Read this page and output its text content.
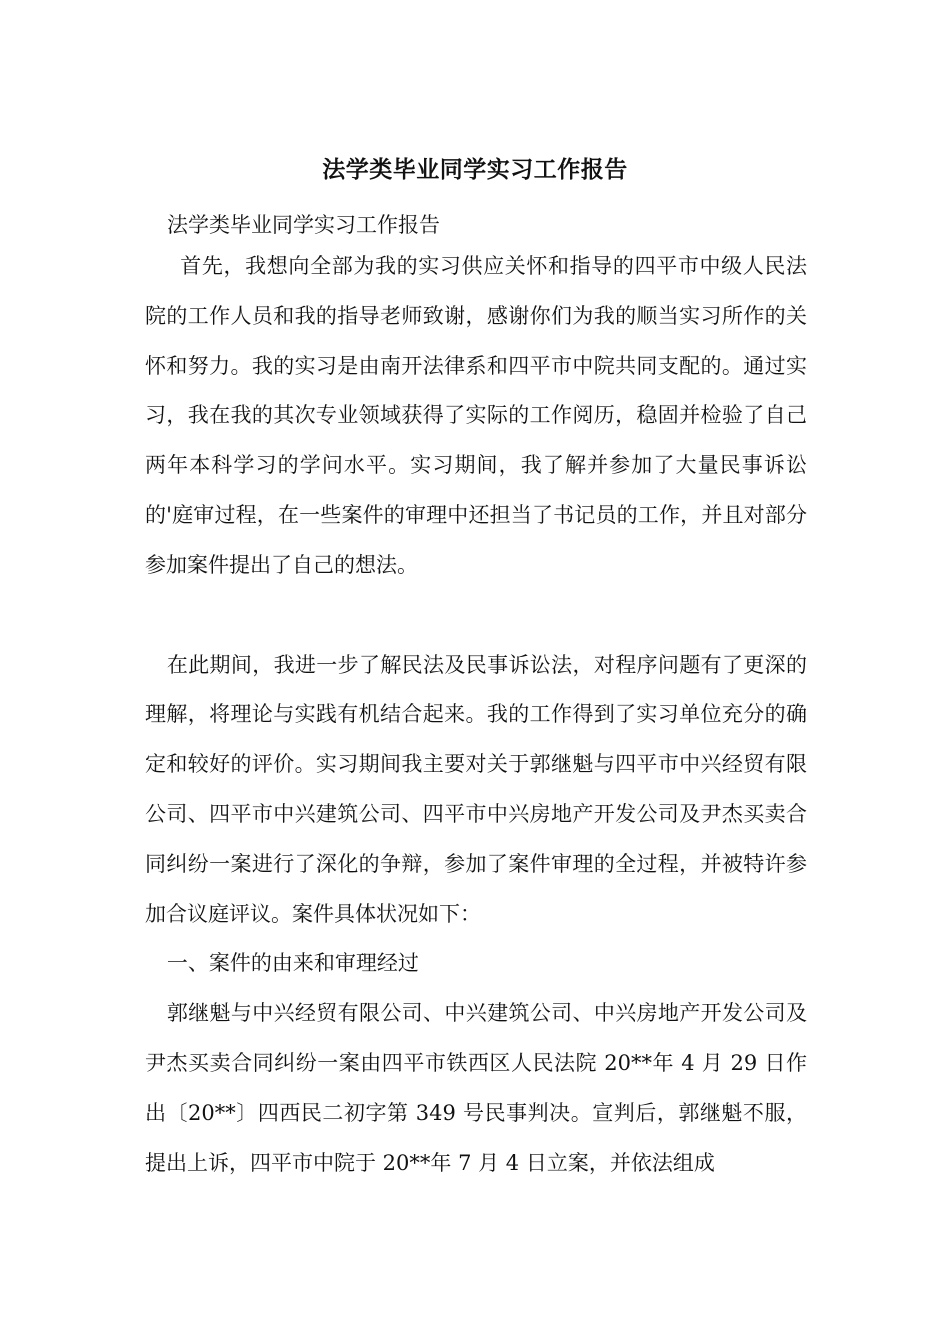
法学类毕业同学实习工作报告

法学类毕业同学实习工作报告

首先，我想向全部为我的实习供应关怀和指导的四平市中级人民法院的工作人员和我的指导老师致谢，感谢你们为我的顺当实习所作的关怀和努力。我的实习是由南开法律系和四平市中院共同支配的。通过实习，我在我的其次专业领域获得了实际的工作阅历，稳固并检验了自己两年本科学习的学问水平。实习期间，我了解并参加了大量民事诉讼的'庭审过程，在一些案件的审理中还担当了书记员的工作，并且对部分参加案件提出了自己的想法。

在此期间，我进一步了解民法及民事诉讼法，对程序问题有了更深的理解，将理论与实践有机结合起来。我的工作得到了实习单位充分的确定和较好的评价。实习期间我主要对关于郭继魁与四平市中兴经贸有限公司、四平市中兴建筑公司、四平市中兴房地产开发公司及尹杰买卖合同纠纷一案进行了深化的争辩，参加了案件审理的全过程，并被特许参加合议庭评议。案件具体状况如下：

一、案件的由来和审理经过

郭继魁与中兴经贸有限公司、中兴建筑公司、中兴房地产开发公司及尹杰买卖合同纠纷一案由四平市铁西区人民法院 20**年 4 月 29 日作出〔20**〕四西民二初字第 349 号民事判决。宣判后，郭继魁不服，提出上诉，四平市中院于 20**年 7 月 4 日立案，并依法组成
